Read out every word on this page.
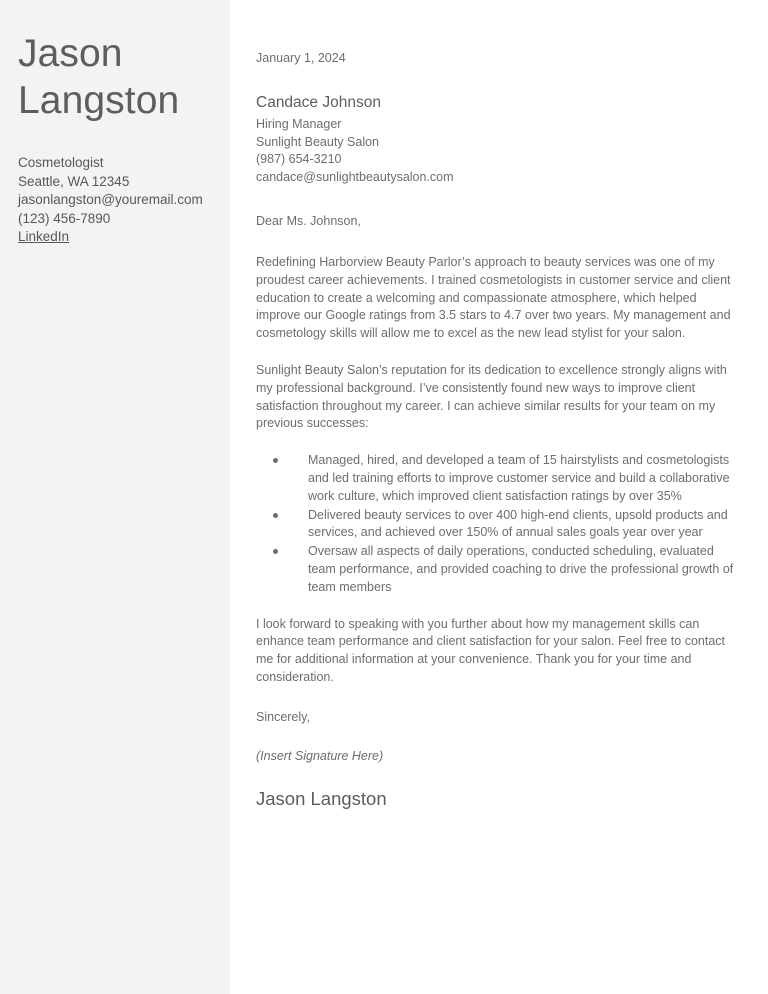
Jason
Langston
Cosmetologist
Seattle, WA 12345
jasonlangston@youremail.com
(123) 456-7890
LinkedIn
January 1, 2024
Candace Johnson
Hiring Manager
Sunlight Beauty Salon
(987) 654-3210
candace@sunlightbeautysalon.com
Dear Ms. Johnson,

Redefining Harborview Beauty Parlor’s approach to beauty services was one of my proudest career achievements. I trained cosmetologists in customer service and client education to create a welcoming and compassionate atmosphere, which helped improve our Google ratings from 3.5 stars to 4.7 over two years. My management and cosmetology skills will allow me to excel as the new lead stylist for your salon.

Sunlight Beauty Salon’s reputation for its dedication to excellence strongly aligns with my professional background. I’ve consistently found new ways to improve client satisfaction throughout my career. I can achieve similar results for your team on my previous successes:

Managed, hired, and developed a team of 15 hairstylists and cosmetologists and led training efforts to improve customer service and build a collaborative work culture, which improved client satisfaction ratings by over 35%
Delivered beauty services to over 400 high-end clients, upsold products and services, and achieved over 150% of annual sales goals year over year
Oversaw all aspects of daily operations, conducted scheduling, evaluated team performance, and provided coaching to drive the professional growth of team members

I look forward to speaking with you further about how my management skills can enhance team performance and client satisfaction for your salon. Feel free to contact me for additional information at your convenience. Thank you for your time and consideration.

Sincerely,
(Insert Signature Here)
Jason Langston
